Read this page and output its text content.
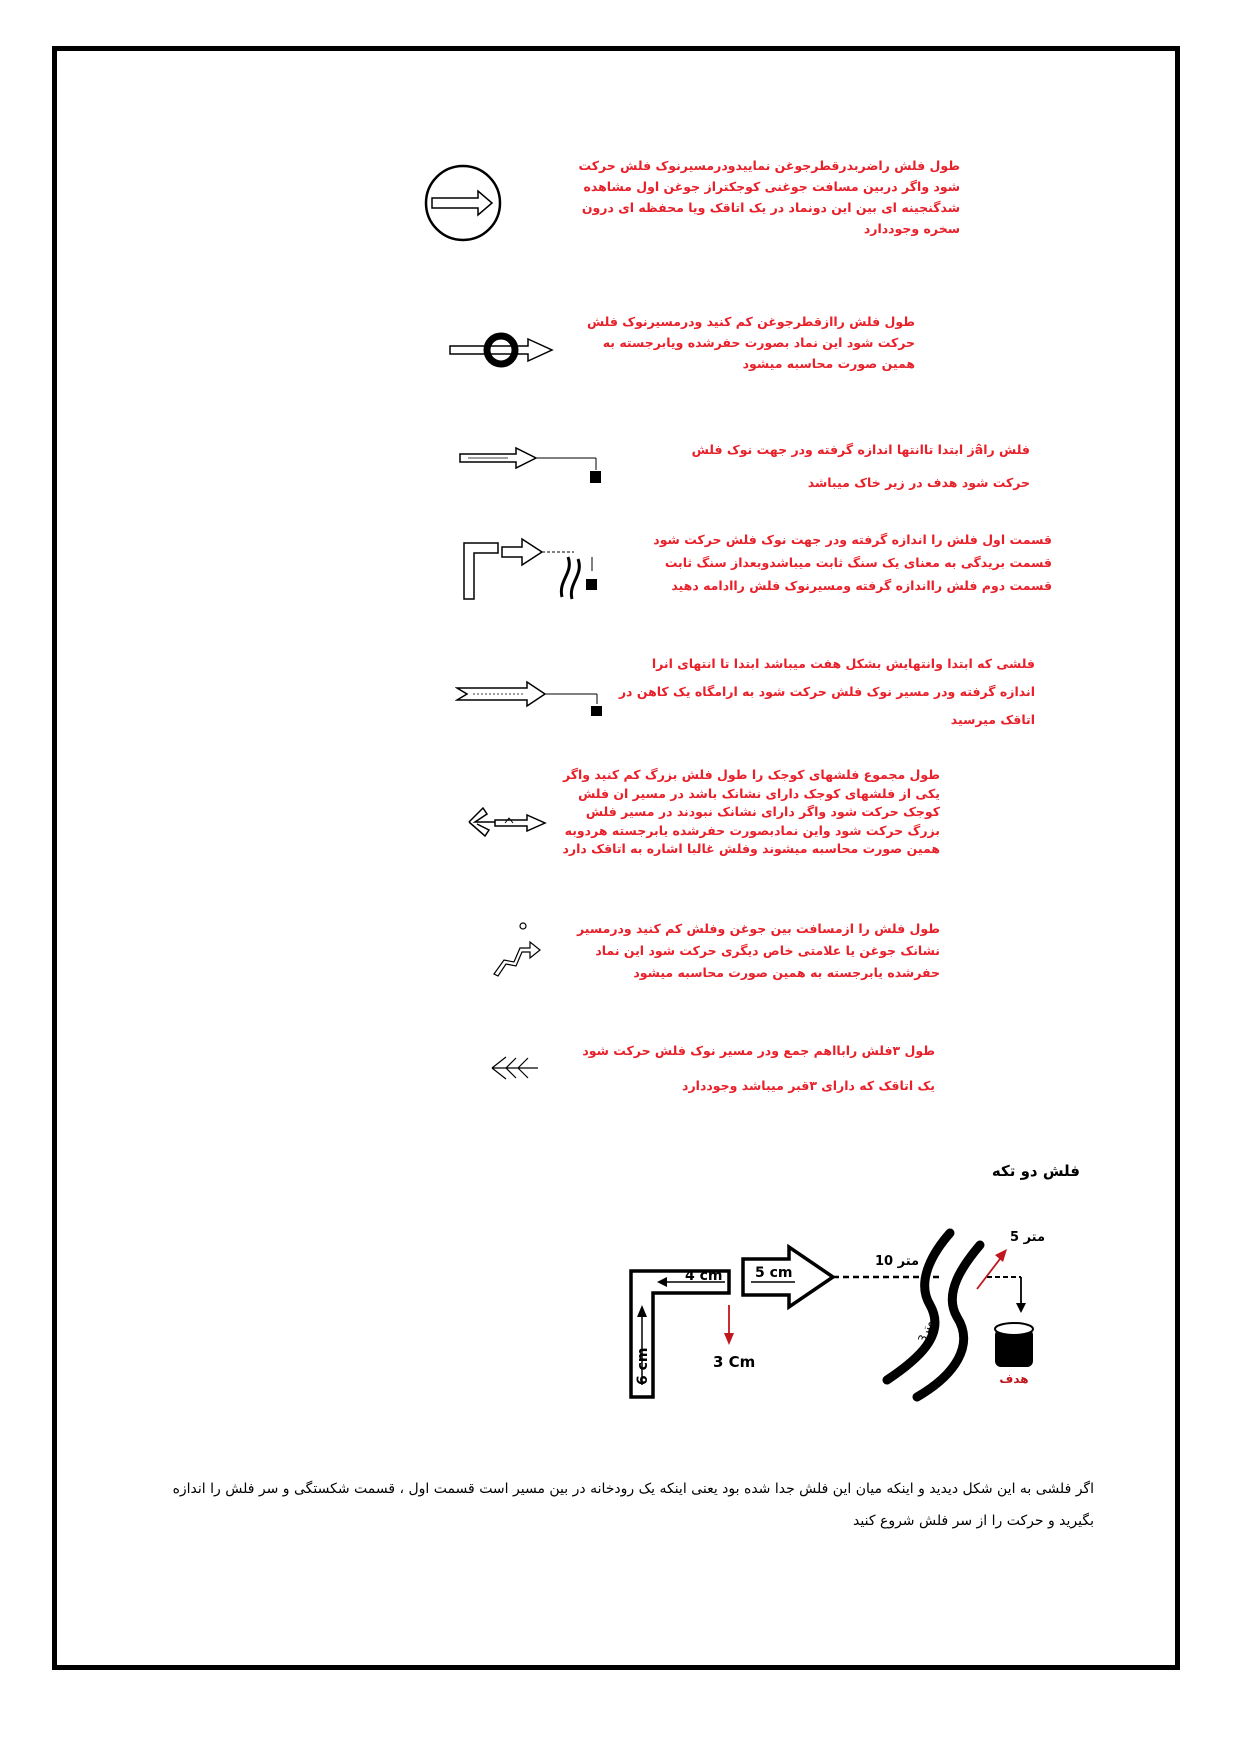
طول فلش راضربدرقطرجوغن نماییدودرمسیرنوک فلش حرکت
شود واگر دربین مسافت جوغنی کوجکتراز جوغن اول مشاهده
شدگنجینه ای بین این دونماد در یک اتاقک ویا محفظه ای درون
سخره وجوددارد
طول فلش راازقطرجوغن کم کنید ودرمسیرنوک فلش
حرکت شود این نماد بصورت حفرشده ویابرجسته به
همین صورت محاسبه میشود
فلش راâز ابتدا تاانتها اندازه گرفته ودر جهت نوک فلش
حرکت شود هدف در زیر خاک میباشد
قسمت اول فلش را اندازه گرفته ودر جهت نوک فلش حرکت شود
قسمت بریدگی به معنای یک سنگ ثابت میباشدوبعداز سنگ ثابت
قسمت دوم فلش رااندازه گرفته ومسیرنوک فلش راادامه دهید
فلشی که ابتدا وانتهایش بشکل هفت میباشد ابتدا تا انتهای انرا
اندازه گرفته ودر مسیر نوک فلش حرکت شود به ارامگاه یک کاهن در
اتاقک میرسید
طول مجموع فلشهای کوجک را طول فلش بزرگ کم کنید واگر
یکی از فلشهای کوجک دارای نشانک باشد در مسیر ان فلش
کوجک حرکت شود واگر دارای نشانک نبودند در مسیر فلش
بزرگ حرکت شود واین نمادبصورت حفرشده یابرجسته هردوبه
همین صورت محاسبه میشوند وفلش غالبا اشاره به اتاقک دارد
طول فلش را ازمسافت بین جوغن وفلش کم کنید ودرمسیر
نشانک جوغن یا علامتی خاص دیگری حرکت شود این نماد
حفرشده یابرجسته به همین صورت محاسبه میشود
طول ۳فلش رابااهم جمع ودر مسیر نوک فلش حرکت شود
یک اتاقک که دارای ۳قبر میباشد وجوددارد
فلش دو تکه
4 cm
6 cm	3 Cm
5 cm
10 متر
3متر
5 متر
هدف
اگر فلشی به این شکل دیدید و اینکه میان این فلش جدا شده بود یعنی اینکه یک رودخانه در بین مسیر است قسمت اول ، قسمت شکستگی و سر فلش را اندازه بگیرید و حرکت را از سر فلش شروع کنید
